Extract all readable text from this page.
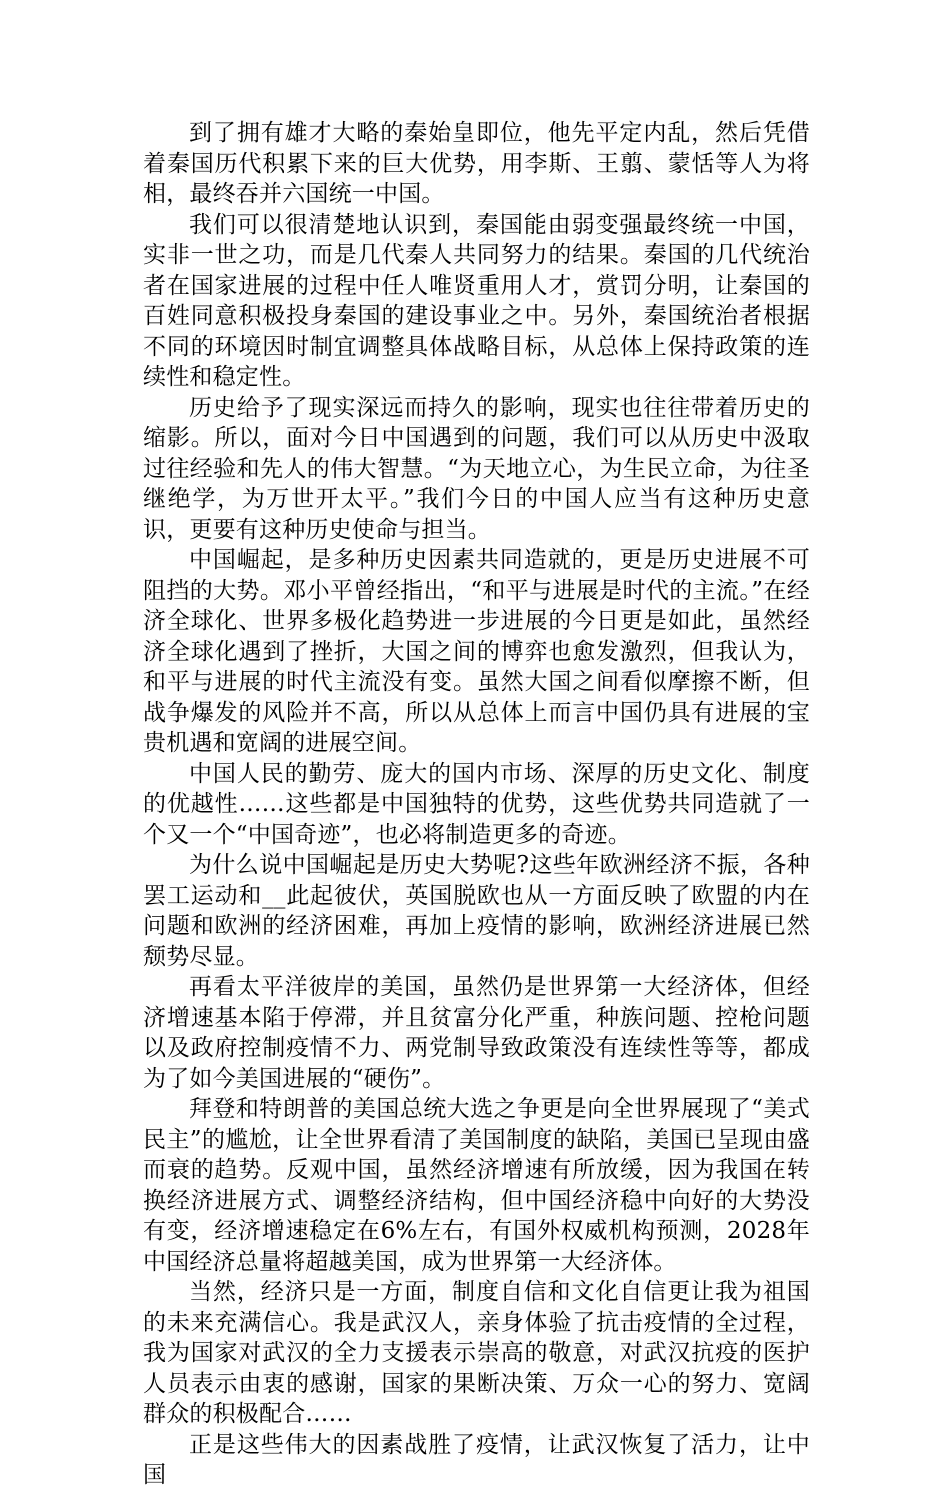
到了拥有雄才大略的秦始皇即位，他先平定内乱，然后凭借着秦国历代积累下来的巨大优势，用李斯、王翦、蒙恬等人为将相，最终吞并六国统一中国。

我们可以很清楚地认识到，秦国能由弱变强最终统一中国，实非一世之功，而是几代秦人共同努力的结果。秦国的几代统治者在国家进展的过程中任人唯贤重用人才，赏罚分明，让秦国的百姓同意积极投身秦国的建设事业之中。另外，秦国统治者根据不同的环境因时制宜调整具体战略目标，从总体上保持政策的连续性和稳定性。

历史给予了现实深远而持久的影响，现实也往往带着历史的缩影。所以，面对今日中国遇到的问题，我们可以从历史中汲取过往经验和先人的伟大智慧。“为天地立心，为生民立命，为往圣继绝学，为万世开太平。”我们今日的中国人应当有这种历史意识，更要有这种历史使命与担当。

中国崛起，是多种历史因素共同造就的，更是历史进展不可阻挡的大势。邓小平曾经指出，“和平与进展是时代的主流。”在经济全球化、世界多极化趋势进一步进展的今日更是如此，虽然经济全球化遇到了挫折，大国之间的博弈也愈发激烈，但我认为，和平与进展的时代主流没有变。虽然大国之间看似摩擦不断，但战争爆发的风险并不高，所以从总体上而言中国仍具有进展的宝贵机遇和宽阔的进展空间。

中国人民的勤劳、庞大的国内市场、深厚的历史文化、制度的优越性……这些都是中国独特的优势，这些优势共同造就了一个又一个“中国奇迹”，也必将制造更多的奇迹。

为什么说中国崛起是历史大势呢?这些年欧洲经济不振，各种罢工运动和__此起彼伏，英国脱欧也从一方面反映了欧盟的内在问题和欧洲的经济困难，再加上疫情的影响，欧洲经济进展已然颓势尽显。

再看太平洋彼岸的美国，虽然仍是世界第一大经济体，但经济增速基本陷于停滞，并且贫富分化严重，种族问题、控枪问题以及政府控制疫情不力、两党制导致政策没有连续性等等，都成为了如今美国进展的“硬伤”。

拜登和特朗普的美国总统大选之争更是向全世界展现了“美式民主”的尴尬，让全世界看清了美国制度的缺陷，美国已呈现由盛而衰的趋势。反观中国，虽然经济增速有所放缓，因为我国在转换经济进展方式、调整经济结构，但中国经济稳中向好的大势没有变，经济增速稳定在6%左右，有国外权威机构预测，2028年中国经济总量将超越美国，成为世界第一大经济体。

当然，经济只是一方面，制度自信和文化自信更让我为祖国的未来充满信心。我是武汉人，亲身体验了抗击疫情的全过程，我为国家对武汉的全力支援表示崇高的敬意，对武汉抗疫的医护人员表示由衷的感谢，国家的果断决策、万众一心的努力、宽阔群众的积极配合……

正是这些伟大的因素战胜了疫情，让武汉恢复了活力，让中国
